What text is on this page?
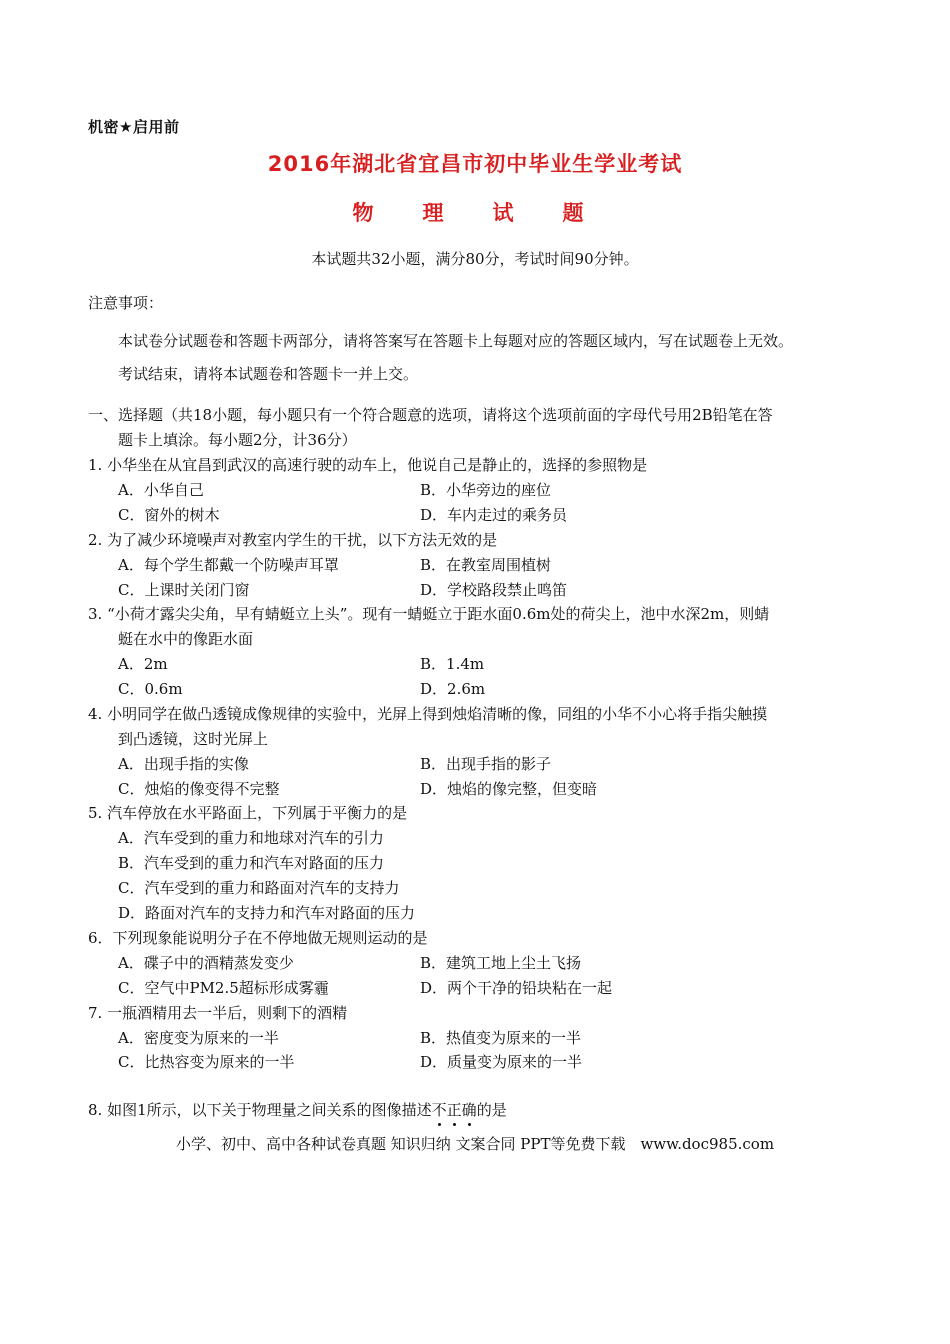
机密★启用前
2016年湖北省宜昌市初中毕业生学业考试
物　理　试　题
本试题共32小题，满分80分，考试时间90分钟。
注意事项：
本试卷分试题卷和答题卡两部分，请将答案写在答题卡上每题对应的答题区域内，写在试题卷上无效。
考试结束，请将本试题卷和答题卡一并上交。
一、选择题（共18小题，每小题只有一个符合题意的选项，请将这个选项前面的字母代号用2B铅笔在答
题卡上填涂。每小题2分，计36分）
1. 小华坐在从宜昌到武汉的高速行驶的动车上，他说自己是静止的，选择的参照物是
A．小华自己	B．小华旁边的座位
C．窗外的树木	D．车内走过的乘务员
2. 为了减少环境噪声对教室内学生的干扰，以下方法无效的是
A．每个学生都戴一个防噪声耳罩	B．在教室周围植树
C．上课时关闭门窗	D．学校路段禁止鸣笛
3. “小荷才露尖尖角，早有蜻蜓立上头”。现有一蜻蜓立于距水面0.6m处的荷尖上，池中水深2m，则蜻
蜓在水中的像距水面
A．2m	B．1.4m
C．0.6m	D．2.6m
4. 小明同学在做凸透镜成像规律的实验中，光屏上得到烛焰清晰的像，同组的小华不小心将手指尖触摸
到凸透镜，这时光屏上
A．出现手指的实像	B．出现手指的影子
C．烛焰的像变得不完整	D．烛焰的像完整，但变暗
5. 汽车停放在水平路面上，下列属于平衡力的是
A．汽车受到的重力和地球对汽车的引力
B．汽车受到的重力和汽车对路面的压力
C．汽车受到的重力和路面对汽车的支持力
D．路面对汽车的支持力和汽车对路面的压力
6．下列现象能说明分子在不停地做无规则运动的是
A．碟子中的酒精蒸发变少	B．建筑工地上尘土飞扬
C．空气中PM2.5超标形成雾霾	D．两个干净的铅块粘在一起
7. 一瓶酒精用去一半后，则剩下的酒精
A．密度变为原来的一半	B．热值变为原来的一半
C．比热容变为原来的一半	D．质量变为原来的一半
8. 如图1所示，以下关于物理量之间关系的图像描述不正确的是
小学、初中、高中各种试卷真题 知识归纳 文案合同 PPT等免费下载　www.doc985.com
